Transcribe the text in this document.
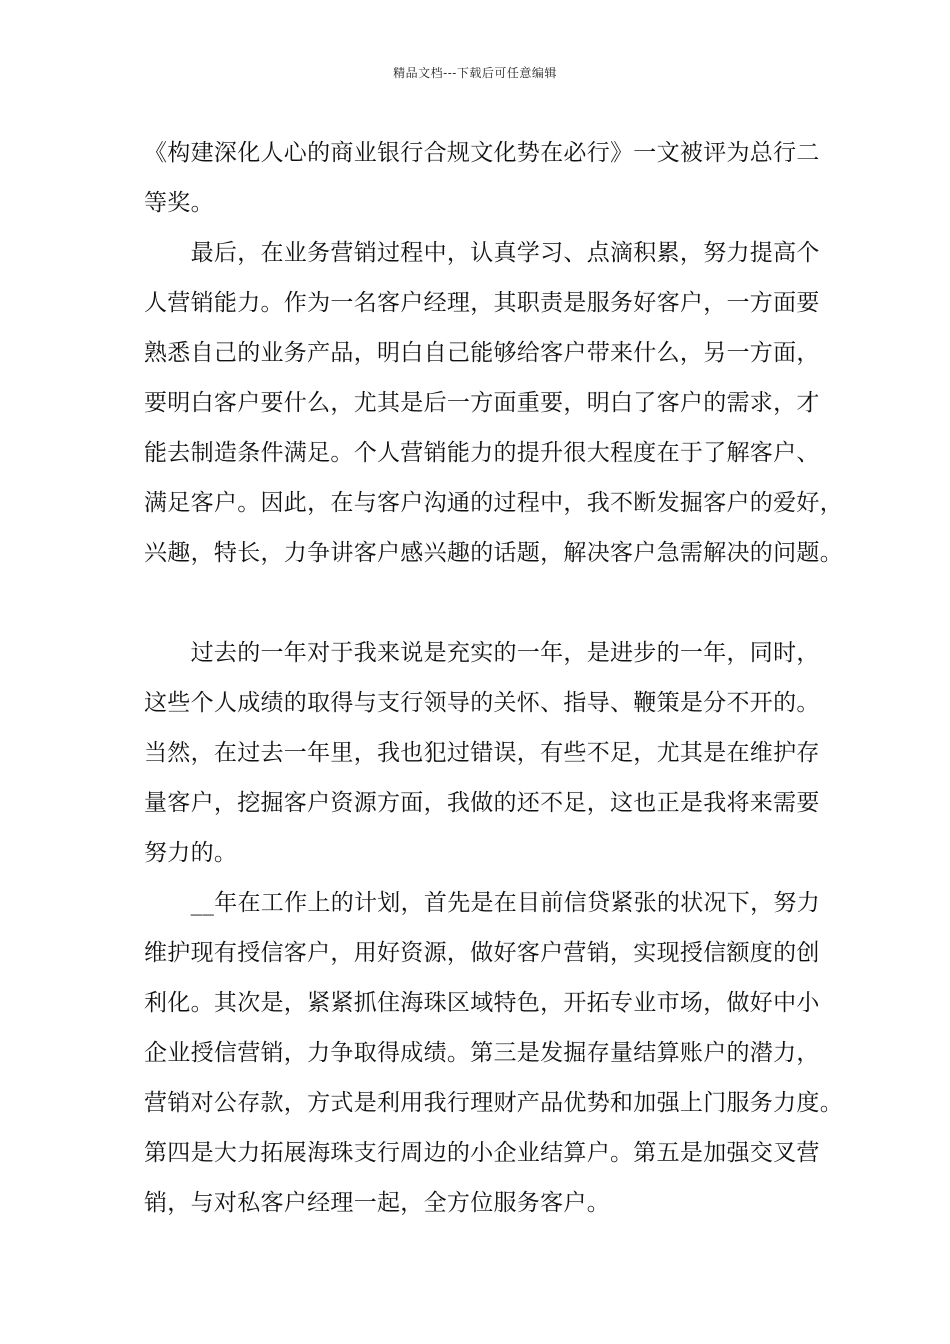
精品文档---下载后可任意编辑
《构建深化人心的商业银行合规文化势在必行》一文被评为总行二
等奖。
　　最后，在业务营销过程中，认真学习、点滴积累，努力提高个
人营销能力。作为一名客户经理，其职责是服务好客户，一方面要
熟悉自己的业务产品，明白自己能够给客户带来什么，另一方面，
要明白客户要什么，尤其是后一方面重要，明白了客户的需求，才
能去制造条件满足。个人营销能力的提升很大程度在于了解客户、
满足客户。因此，在与客户沟通的过程中，我不断发掘客户的爱好，
兴趣，特长，力争讲客户感兴趣的话题，解决客户急需解决的问题。
　　过去的一年对于我来说是充实的一年，是进步的一年，同时，
这些个人成绩的取得与支行领导的关怀、指导、鞭策是分不开的。
当然，在过去一年里，我也犯过错误，有些不足，尤其是在维护存
量客户，挖掘客户资源方面，我做的还不足，这也正是我将来需要
努力的。
　　__年在工作上的计划，首先是在目前信贷紧张的状况下，努力
维护现有授信客户，用好资源，做好客户营销，实现授信额度的创
利化。其次是，紧紧抓住海珠区域特色，开拓专业市场，做好中小
企业授信营销，力争取得成绩。第三是发掘存量结算账户的潜力，
营销对公存款，方式是利用我行理财产品优势和加强上门服务力度。
第四是大力拓展海珠支行周边的小企业结算户。第五是加强交叉营
销，与对私客户经理一起，全方位服务客户。
